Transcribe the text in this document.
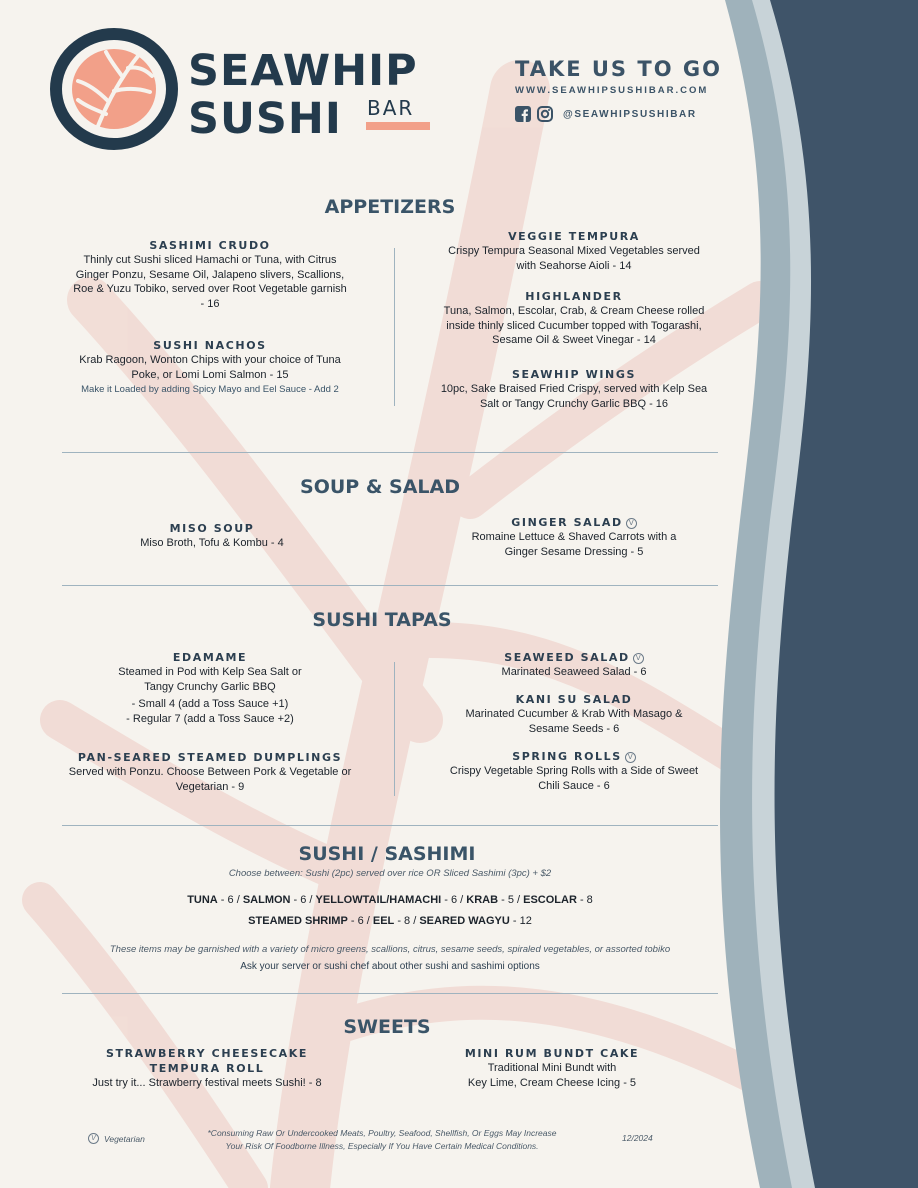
SEAWHIP
SUSHI BAR
TAKE US TO GO
WWW.SEAWHIPSUSHIBAR.COM
@SEAWHIPSUSHIBAR
APPETIZERS
SASHIMI CRUDO
Thinly cut Sushi sliced Hamachi or Tuna, with Citrus Ginger Ponzu, Sesame Oil, Jalapeno slivers, Scallions, Roe & Yuzu Tobiko, served over Root Vegetable garnish - 16
SUSHI NACHOS
Krab Ragoon, Wonton Chips with your choice of Tuna Poke, or Lomi Lomi Salmon - 15
Make it Loaded by adding Spicy Mayo and Eel Sauce - Add 2
VEGGIE TEMPURA
Crispy Tempura Seasonal Mixed Vegetables served with Seahorse Aioli - 14
HIGHLANDER
Tuna, Salmon, Escolar, Crab, & Cream Cheese rolled inside thinly sliced Cucumber topped with Togarashi, Sesame Oil & Sweet Vinegar - 14
SEAWHIP WINGS
10pc, Sake Braised Fried Crispy, served with Kelp Sea Salt or Tangy Crunchy Garlic BBQ - 16
SOUP & SALAD
MISO SOUP
Miso Broth, Tofu & Kombu - 4
GINGER SALAD V
Romaine Lettuce & Shaved Carrots with a Ginger Sesame Dressing - 5
SUSHI TAPAS
EDAMAME
Steamed in Pod with Kelp Sea Salt or Tangy Crunchy Garlic BBQ
- Small 4 (add a Toss Sauce +1)
- Regular 7 (add a Toss Sauce +2)
PAN-SEARED STEAMED DUMPLINGS
Served with Ponzu. Choose Between Pork & Vegetable or Vegetarian - 9
SEAWEED SALAD V
Marinated Seaweed Salad - 6
KANI SU SALAD
Marinated Cucumber & Krab With Masago & Sesame Seeds - 6
SPRING ROLLS V
Crispy Vegetable Spring Rolls with a Side of Sweet Chili Sauce - 6
SUSHI / SASHIMI
Choose between: Sushi (2pc) served over rice OR Sliced Sashimi (3pc) + $2
TUNA - 6 / SALMON - 6 / YELLOWTAIL/HAMACHI - 6 / KRAB - 5 / ESCOLAR - 8
STEAMED SHRIMP - 6 / EEL - 8 / SEARED WAGYU - 12
These items may be garnished with a variety of micro greens, scallions, citrus, sesame seeds, spiraled vegetables, or assorted tobiko
Ask your server or sushi chef about other sushi and sashimi options
SWEETS
STRAWBERRY CHEESECAKE
TEMPURA ROLL
Just try it... Strawberry festival meets Sushi! - 8
MINI RUM BUNDT CAKE
Traditional Mini Bundt with
Key Lime, Cream Cheese Icing - 5
V Vegetarian
*Consuming Raw Or Undercooked Meats, Poultry, Seafood, Shellfish, Or Eggs May Increase
Your Risk Of Foodborne Illness, Especially If You Have Certain Medical Conditions.
12/2024
